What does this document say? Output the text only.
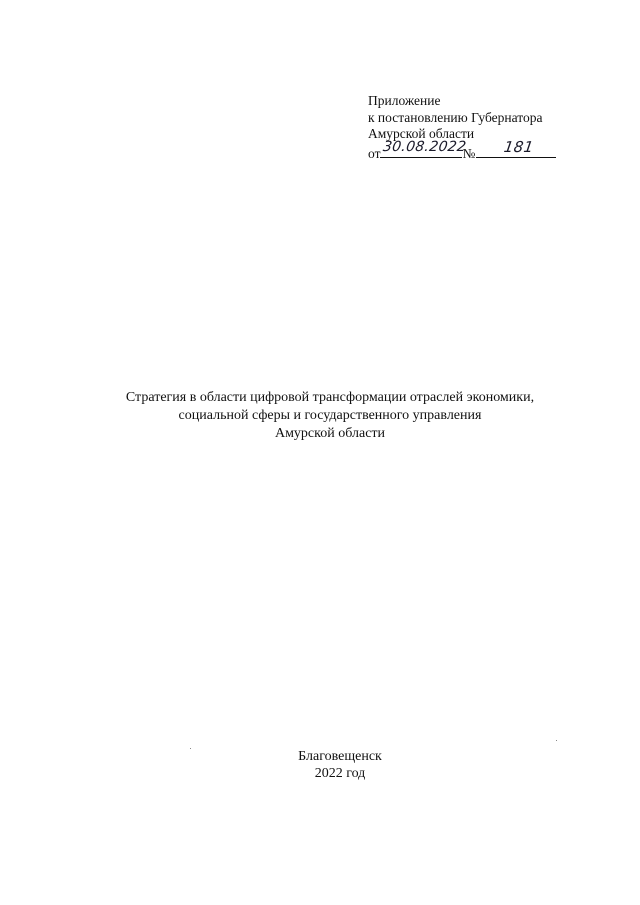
Приложение
к постановлению Губернатора
Амурской области
от 30.08.2022
№ 181
Стратегия в области цифровой трансформации отраслей экономики,
социальной сферы и государственного управления
Амурской области
Благовещенск
2022 год
